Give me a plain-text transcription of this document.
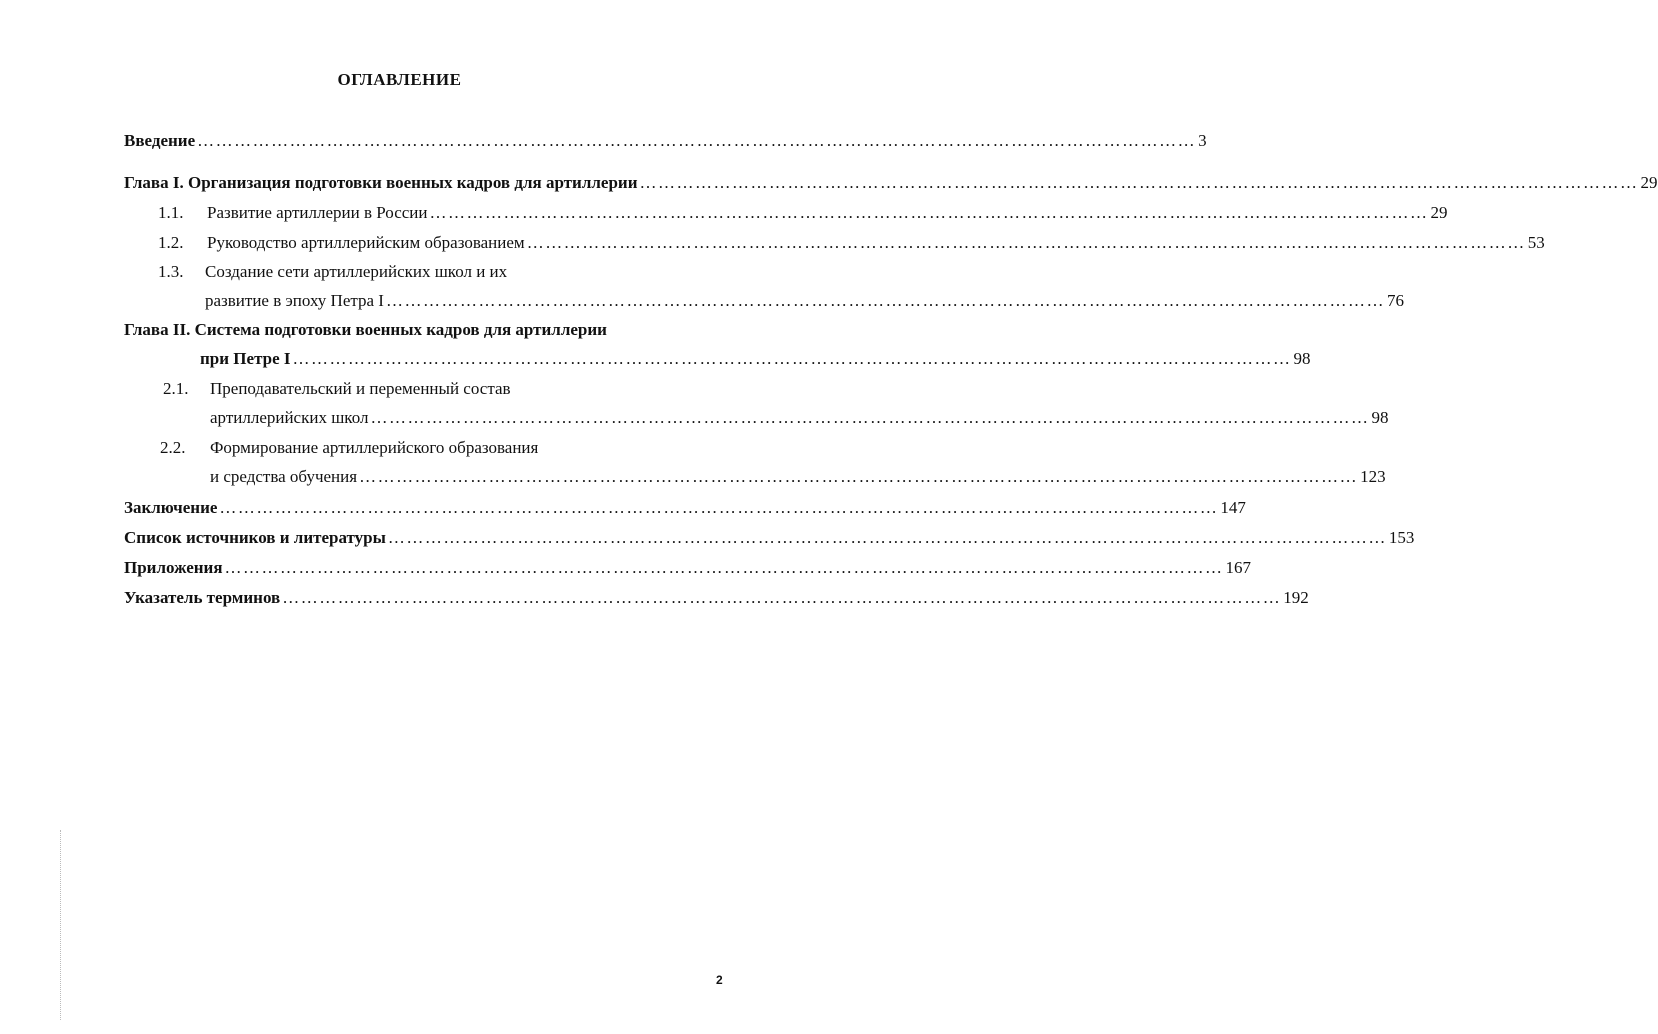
ОГЛАВЛЕНИЕ
Введение ……………………………………………………………………………………………………………………………………………… 3
Глава I. Организация подготовки военных кадров для артиллерии ……………………………………………………………………………………………………………………………………………… 29
1.1. Развитие артиллерии в России ……………………………………………………………………………………………………………………………………………… 29
1.2. Руководство артиллерийским образованием ……………………………………………………………………………………………………………………………………………… 53
1.3. Создание сети артиллерийских школ и их
развитие в эпоху Петра I ……………………………………………………………………………………………………………………………………………… 76
Глава II. Система подготовки военных кадров для артиллерии
при Петре I ……………………………………………………………………………………………………………………………………………… 98
2.1. Преподавательский и переменный состав
артиллерийских школ ……………………………………………………………………………………………………………………………………………… 98
2.2. Формирование артиллерийского образования
и средства обучения ……………………………………………………………………………………………………………………………………………… 123
Заключение ……………………………………………………………………………………………………………………………………………… 147
Список источников и литературы ……………………………………………………………………………………………………………………………………………… 153
Приложения ……………………………………………………………………………………………………………………………………………… 167
Указатель терминов ……………………………………………………………………………………………………………………………………………… 192
2
